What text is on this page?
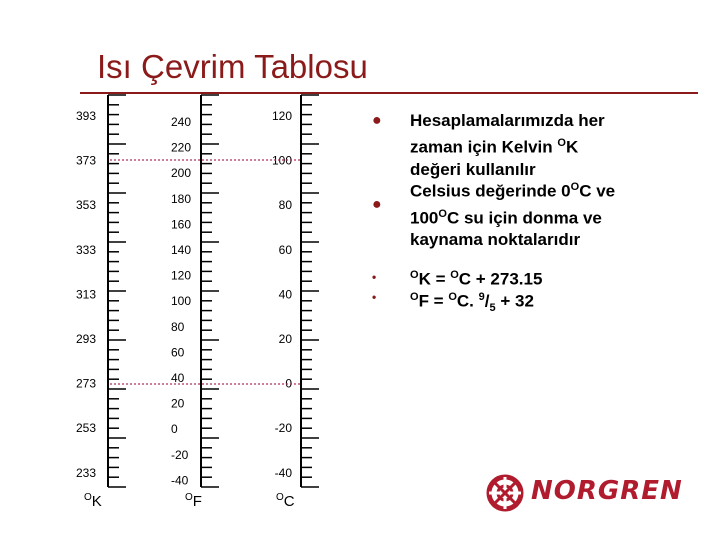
Isı Çevrim Tablosu
393
373
353
333
313
293
273
253
233
240
220
200
180
160
140
120
100
80
60
40
20
0
-20
-40
120
100
80
60
40
20
0
-20
-40
$^O$K	$^O$F	$^O$C
● Hesaplamalarımızda her
zaman için Kelvin $^O$K
değeri kullanılır
●
Celsius değerinde $0^OC$ ve
$100^OC$ su için donma ve
kaynama noktalarıdır
•	$^O$K = $^O$C + 273.15
•	$^O$F = $^O$C. $^9/_5 + 32$
NORGREN
